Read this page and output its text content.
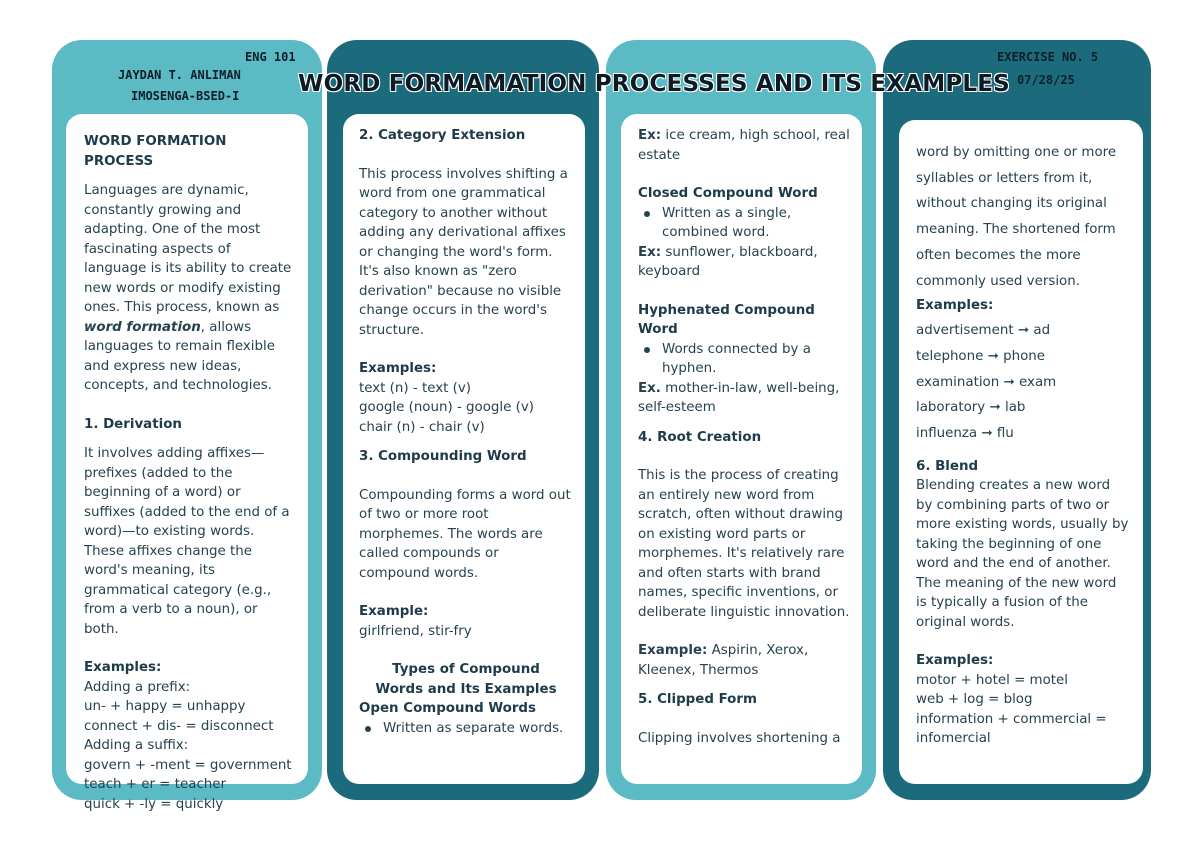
ENG 101
JAYDAN T. ANLIMAN
IMOSENGA-BSED-I	WORD FORMAMATION PROCESSES AND ITS EXAMPLES
EXERCISE NO. 5
07/28/25
WORD FORMATION PROCESS

Languages are dynamic, constantly growing and adapting. One of the most fascinating aspects of language is its ability to create new words or modify existing ones. This process, known as word formation, allows languages to remain flexible and express new ideas, concepts, and technologies.

1. Derivation

It involves adding affixes—prefixes (added to the beginning of a word) or suffixes (added to the end of a word)—to existing words. These affixes change the word's meaning, its grammatical category (e.g., from a verb to a noun), or both.

Examples:

Adding a prefix:

un- + happy = unhappy

connect + dis- = disconnect

Adding a suffix:

govern + -ment = government

teach + er = teacher

quick + -ly = quickly

2. Category Extension

This process involves shifting a word from one grammatical category to another without adding any derivational affixes or changing the word's form. It's also known as "zero derivation" because no visible change occurs in the word's structure.

Examples:

text (n) - text (v)

google (noun) - google (v)

chair (n) - chair (v)

3. Compounding Word

Compounding forms a word out of two or more root morphemes. The words are called compounds or compound words.

Example:

girlfriend, stir-fry

Types of Compound Words and Its Examples
Open Compound Words
Written as separate words.

Ex: ice cream, high school, real estate

Closed Compound Word
Written as a single, combined word.

Ex: sunflower, blackboard, keyboard

Hyphenated Compound Word
Words connected by a hyphen.

Ex. mother-in-law, well-being, self-esteem

4. Root Creation

This is the process of creating an entirely new word from scratch, often without drawing on existing word parts or morphemes. It's relatively rare and often starts with brand names, specific inventions, or deliberate linguistic innovation.

Example: Aspirin, Xerox, Kleenex, Thermos

5. Clipped Form

Clipping involves shortening a

word by omitting one or more syllables or letters from it, without changing its original meaning. The shortened form often becomes the more commonly used version.

Examples:

advertisement ➞ ad

telephone ➞ phone

examination ➞ exam

laboratory ➞ lab

influenza ➞ flu

6. Blend

Blending creates a new word by combining parts of two or more existing words, usually by taking the beginning of one word and the end of another. The meaning of the new word is typically a fusion of the original words.

Examples:

motor + hotel = motel

web + log = blog

information + commercial = infomercial
